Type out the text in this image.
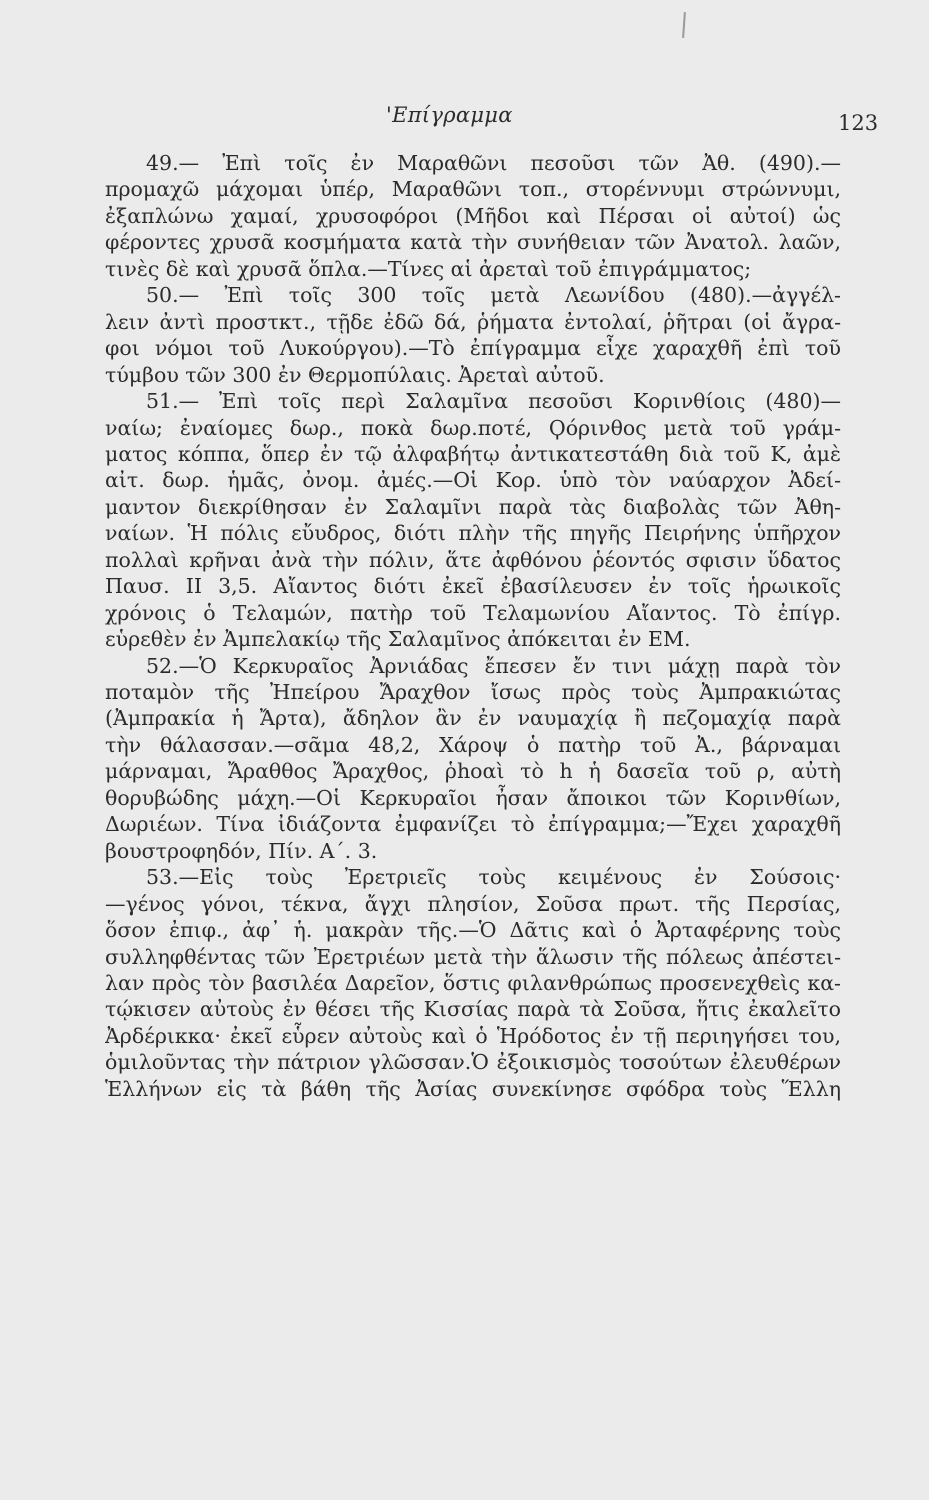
'Επίγραμμα	123
49.— Ἐπὶ τοῖς ἐν Μαραθῶνι πεσοῦσι τῶν Ἀθ. (490).—
προμαχῶ μάχομαι ὑπέρ, Μαραθῶνι τοπ., στορέννυμι στρώννυμι,
ἐξαπλώνω χαμαί, χρυσοφόροι (Μῆδοι καὶ Πέρσαι οἱ αὐτοί) ὡς
φέροντες χρυσᾶ κοσμήματα κατὰ τὴν συνήθειαν τῶν Ἀνατολ. λαῶν,
τινὲς δὲ καὶ χρυσᾶ ὅπλα.—Τίνες αἱ ἀρεταὶ τοῦ ἐπιγράμματος;
50.— Ἐπὶ τοῖς 300 τοῖς μετὰ Λεωνίδου (480).—ἀγγέλ-
λειν ἀντὶ προστκτ., τῇδε ἐδῶ δά, ῥήματα ἐντολαί, ῥῆτραι (οἱ ἄγρα-
φοι νόμοι τοῦ Λυκούργου).—Τὸ ἐπίγραμμα εἶχε χαραχθῆ ἐπὶ τοῦ
τύμβου τῶν 300 ἐν Θερμοπύλαις. Ἀρεταὶ αὐτοῦ.
51.— Ἐπὶ τοῖς περὶ Σαλαμῖνα πεσοῦσι Κορινθίοις (480)—
ναίω; ἐναίομες δωρ., ποκὰ δωρ.ποτέ, Ϙόρινθος μετὰ τοῦ γράμ-
ματος κόππα, ὅπερ ἐν τῷ ἀλφαβήτῳ ἀντικατεστάθη διὰ τοῦ Κ, ἀμὲ
αἰτ. δωρ. ἡμᾶς, ὀνομ. ἀμές.—Οἱ Κορ. ὑπὸ τὸν ναύαρχον Ἀδεί-
μαντον διεκρίθησαν ἐν Σαλαμῖνι παρὰ τὰς διαβολὰς τῶν Ἀθη-
ναίων. Ἡ πόλις εὔυδρος, διότι πλὴν τῆς πηγῆς Πειρήνης ὑπῆρχον
πολλαὶ κρῆναι ἀνὰ τὴν πόλιν, ἅτε ἀφθόνου ῥέοντός σφισιν ὕδατος
Παυσ. ΙΙ 3,5. Αἴαντος διότι ἐκεῖ ἐβασίλευσεν ἐν τοῖς ἡρωικοῖς
χρόνοις ὁ Τελαμών, πατὴρ τοῦ Τελαμωνίου Αἴαντος. Τὸ ἐπίγρ.
εὑρεθὲν ἐν Ἀμπελακίῳ τῆς Σαλαμῖνος ἀπόκειται ἐν ΕΜ.
52.—Ὁ Κερκυραῖος Ἀρνιάδας ἔπεσεν ἔν τινι μάχῃ παρὰ τὸν
ποταμὸν τῆς Ἠπείρου Ἄραχθον ἴσως πρὸς τοὺς Ἀμπρακιώτας
(Ἀμπρακία ἡ Ἄρτα), ἄδηλον ἂν ἐν ναυμαχίᾳ ἢ πεζομαχίᾳ παρὰ
τὴν θάλασσαν.—σᾶμα 48,2, Χάροψ ὁ πατὴρ τοῦ Ἀ., βάρναμαι
μάρναμαι, Ἄραθθος Ἄραχθος, ῥhoαὶ τὸ h ἡ δασεῖα τοῦ ρ, αὐτὴ
θορυβώδης μάχη.—Οἱ Κερκυραῖοι ἦσαν ἄποικοι τῶν Κορινθίων,
Δωριέων. Τίνα ἰδιάζοντα ἐμφανίζει τὸ ἐπίγραμμα;—Ἔχει χαραχθῆ
βουστροφηδόν, Πίν. Α΄. 3.
53.—Εἰς τοὺς Ἐρετριεῖς τοὺς κειμένους ἐν Σούσοις·
—γένος γόνοι, τέκνα, ἄγχι πλησίον, Σοῦσα πρωτ. τῆς Περσίας,
ὅσον ἐπιφ., ἀφ᾽ ἡ. μακρὰν τῆς.—Ὁ Δᾶτις καὶ ὁ Ἀρταφέρνης τοὺς
συλληφθέντας τῶν Ἐρετριέων μετὰ τὴν ἅλωσιν τῆς πόλεως ἀπέστει-
λαν πρὸς τὸν βασιλέα Δαρεῖον, ὅστις φιλανθρώπως προσενεχθεὶς κα-
τῴκισεν αὐτοὺς ἐν θέσει τῆς Κισσίας παρὰ τὰ Σοῦσα, ἥτις ἐκαλεῖτο
Ἀρδέρικκα· ἐκεῖ εὗρεν αὐτοὺς καὶ ὁ Ἡρόδοτος ἐν τῇ περιηγήσει του,
ὁμιλοῦντας τὴν πάτριον γλῶσσαν.Ὁ ἐξοικισμὸς τοσούτων ἐλευθέρων
Ἑλλήνων εἰς τὰ βάθη τῆς Ἀσίας συνεκίνησε σφόδρα τοὺς Ἕλλη
